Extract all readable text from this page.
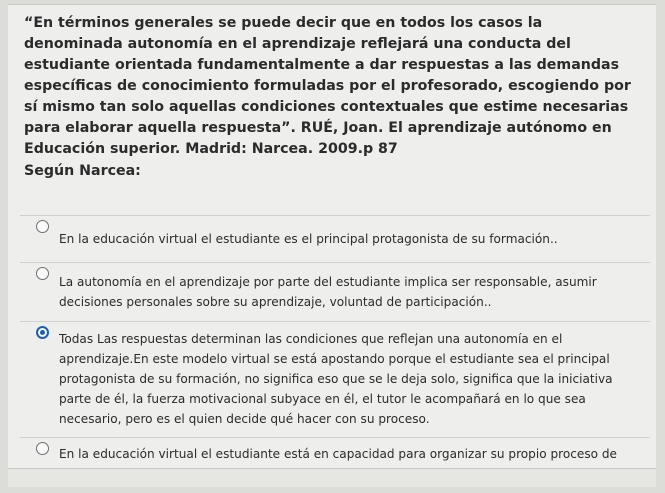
“En términos generales se puede decir que en todos los casos la denominada autonomía en el aprendizaje reflejará una conducta del estudiante orientada fundamentalmente a dar respuestas a las demandas específicas de conocimiento formuladas por el profesorado, escogiendo por sí mismo tan solo aquellas condiciones contextuales que estime necesarias para elaborar aquella respuesta”. RUÉ, Joan. El aprendizaje autónomo en Educación superior. Madrid: Narcea. 2009.p 87
Según Narcea:
En la educación virtual el estudiante es el principal protagonista de su formación..
La autonomía en el aprendizaje por parte del estudiante implica ser responsable, asumir decisiones personales sobre su aprendizaje, voluntad de participación..
Todas Las respuestas determinan las condiciones que reflejan una autonomía en el aprendizaje.En este modelo virtual se está apostando porque el estudiante sea el principal protagonista de su formación, no significa eso que se le deja solo, significa que la iniciativa parte de él, la fuerza motivacional subyace en él, el tutor le acompañará en lo que sea necesario, pero es el quien decide qué hacer con su proceso.
En la educación virtual el estudiante está en capacidad para organizar su propio proceso de
